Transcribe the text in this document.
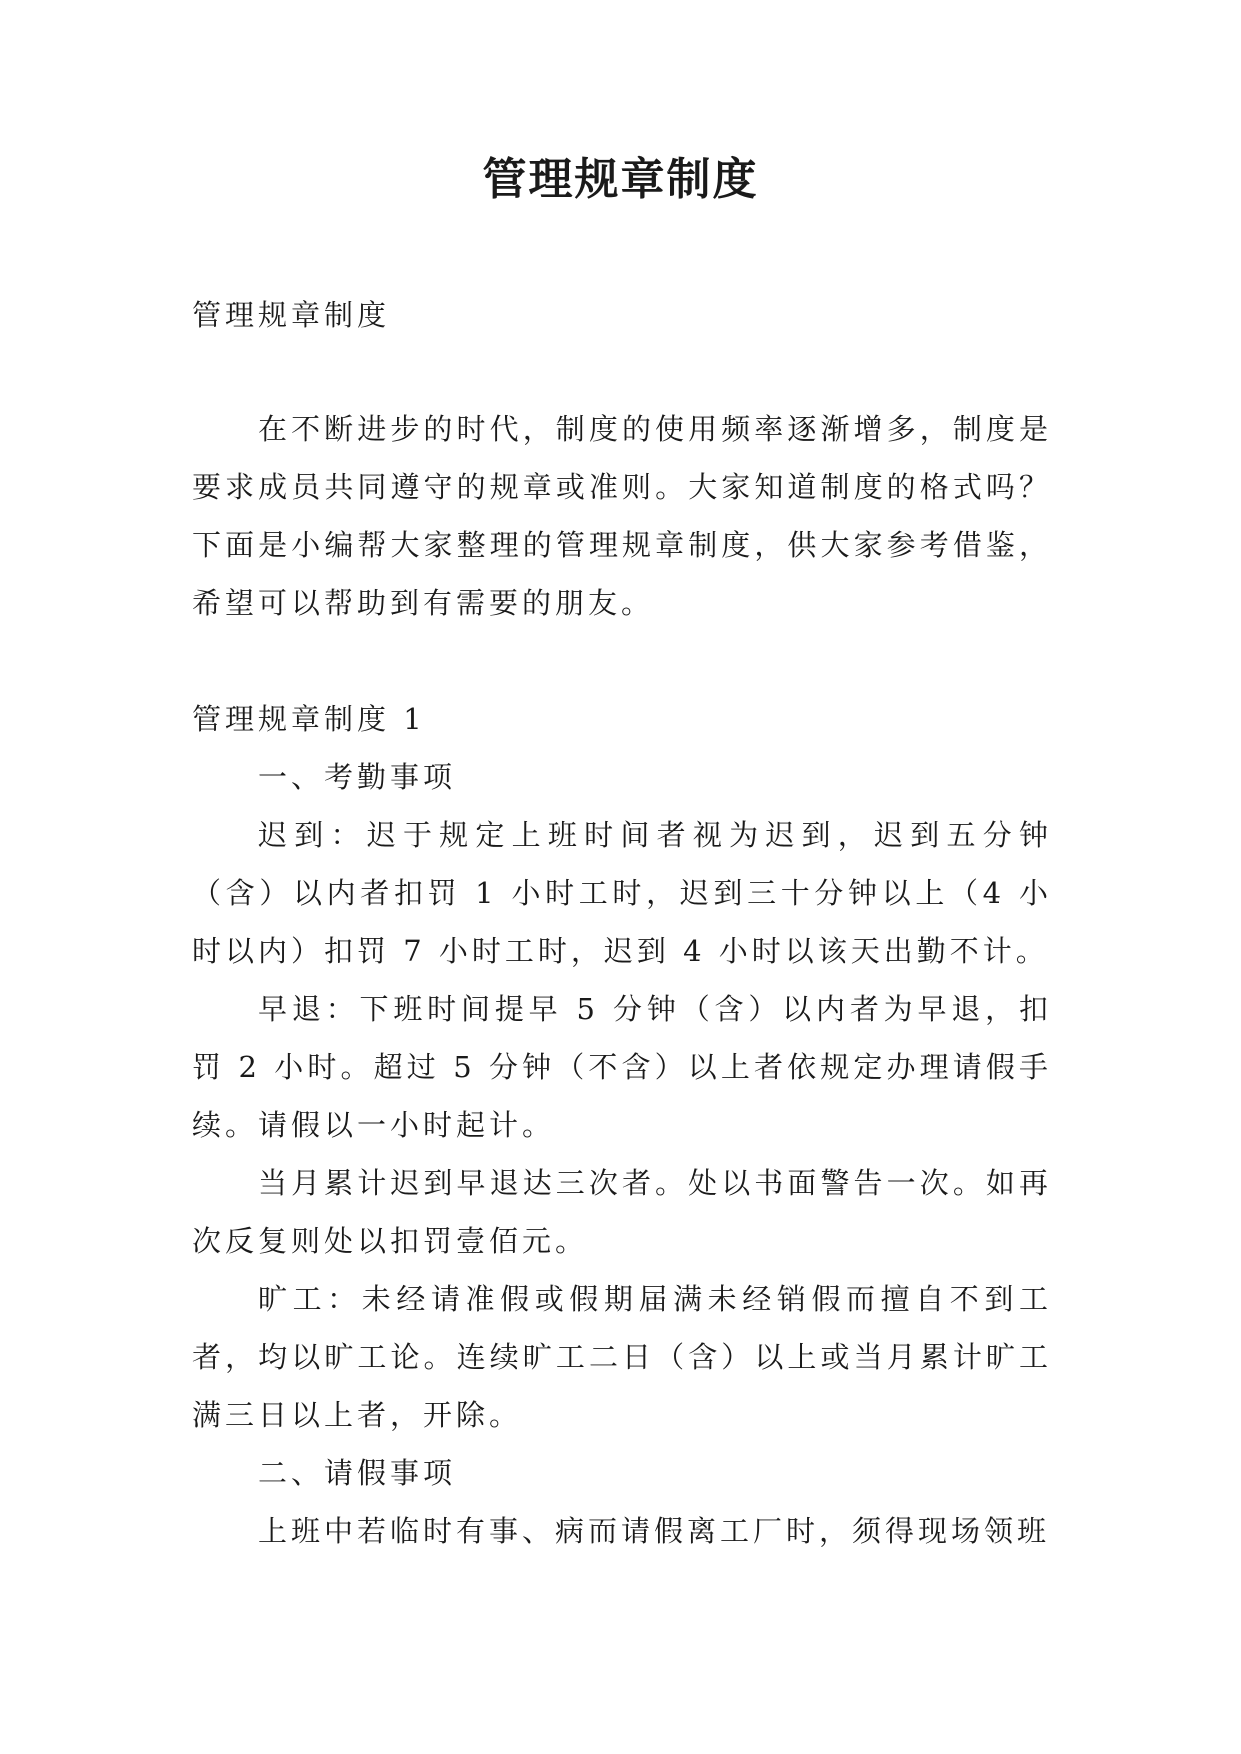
管理规章制度

管理规章制度

在不断进步的时代，制度的使用频率逐渐增多，制度是要求成员共同遵守的规章或准则。大家知道制度的格式吗？下面是小编帮大家整理的管理规章制度，供大家参考借鉴，希望可以帮助到有需要的朋友。

管理规章制度 1

一、考勤事项

迟到：迟于规定上班时间者视为迟到，迟到五分钟（含）以内者扣罚 1 小时工时，迟到三十分钟以上（4 小时以内）扣罚 7 小时工时，迟到 4 小时以该天出勤不计。

早退：下班时间提早 5 分钟（含）以内者为早退，扣罚 2 小时。超过 5 分钟（不含）以上者依规定办理请假手续。请假以一小时起计。

当月累计迟到早退达三次者。处以书面警告一次。如再次反复则处以扣罚壹佰元。

旷工：未经请准假或假期届满未经销假而擅自不到工者，均以旷工论。连续旷工二日（含）以上或当月累计旷工满三日以上者，开除。

二、请假事项

上班中若临时有事、病而请假离工厂时，须得现场领班
